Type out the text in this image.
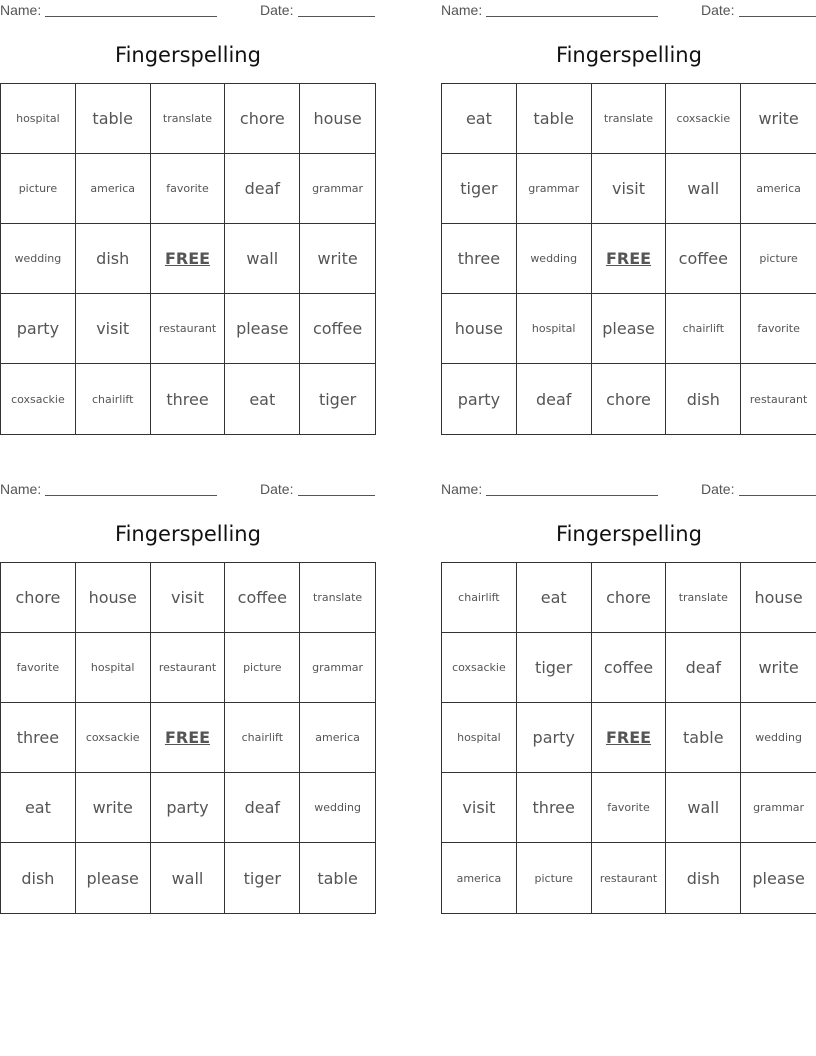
Name:	Date:
Fingerspelling
hospital	table	translate	chore	house
picture	america	favorite	deaf	grammar
wedding	dish	FREE	wall	write
party	visit	restaurant	please	coffee
coxsackie	chairlift	three	eat	tiger
Name:	Date:
Fingerspelling
eat	table	translate	coxsackie	write
tiger	grammar	visit	wall	america
three	wedding	FREE	coffee	picture
house	hospital	please	chairlift	favorite
party	deaf	chore	dish	restaurant
Name:	Date:
Fingerspelling
chore	house	visit	coffee	translate
favorite	hospital	restaurant	picture	grammar
three	coxsackie	FREE	chairlift	america
eat	write	party	deaf	wedding
dish	please	wall	tiger	table
Name:	Date:
Fingerspelling
chairlift	eat	chore	translate	house
coxsackie	tiger	coffee	deaf	write
hospital	party	FREE	table	wedding
visit	three	favorite	wall	grammar
america	picture	restaurant	dish	please
